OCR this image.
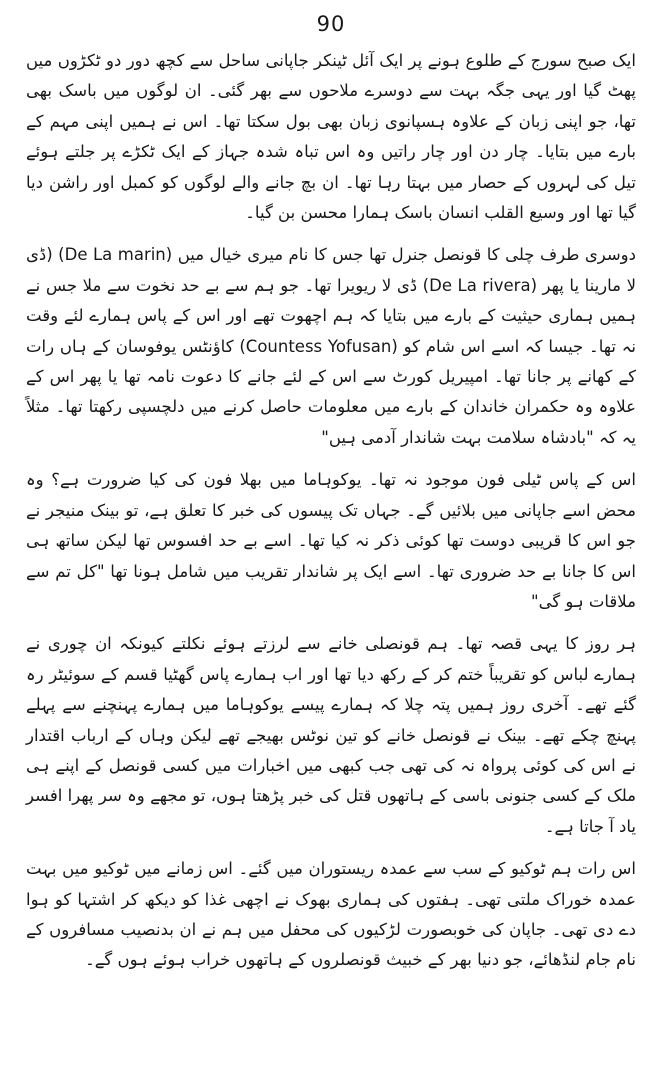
90

ایک صبح سورج کے طلوع ہونے پر ایک آئل ٹینکر جاپانی ساحل سے کچھ دور دو ٹکڑوں میں پھٹ گیا اور یہی جگہ بہت سے دوسرے ملاحوں سے بھر گئی۔ ان لوگوں میں باسک بھی تھا، جو اپنی زبان کے علاوہ ہسپانوی زبان بھی بول سکتا تھا۔ اس نے ہمیں اپنی مہم کے بارے میں بتایا۔ چار دن اور چار راتیں وہ اس تباہ شدہ جہاز کے ایک ٹکڑے پر جلتے ہوئے تیل کی لہروں کے حصار میں بہتا رہا تھا۔ ان بچ جانے والے لوگوں کو کمبل اور راشن دیا گیا تھا اور وسیع القلب انسان باسک ہمارا محسن بن گیا۔

دوسری طرف چلی کا قونصل جنرل تھا جس کا نام میری خیال میں (De La marin) (ڈی لا مارینا یا پھر (De La rivera) ڈی لا ریویرا تھا۔ جو ہم سے بے حد نخوت سے ملا جس نے ہمیں ہماری حیثیت کے بارے میں بتایا کہ ہم اچھوت تھے اور اس کے پاس ہمارے لئے وقت نہ تھا۔ جیسا کہ اسے اس شام کو (Countess Yofusan) کاؤنٹس یوفوسان کے ہاں رات کے کھانے پر جانا تھا۔ امپیریل کورٹ سے اس کے لئے جانے کا دعوت نامہ تھا یا پھر اس کے علاوہ وہ حکمران خاندان کے بارے میں معلومات حاصل کرنے میں دلچسپی رکھتا تھا۔ مثلاً یہ کہ "بادشاہ سلامت بہت شاندار آدمی ہیں"

اس کے پاس ٹیلی فون موجود نہ تھا۔ یوکوہاما میں بھلا فون کی کیا ضرورت ہے؟ وہ محض اسے جاپانی میں بلائیں گے۔ جہاں تک پیسوں کی خبر کا تعلق ہے، تو بینک منیجر نے جو اس کا قریبی دوست تھا کوئی ذکر نہ کیا تھا۔ اسے بے حد افسوس تھا لیکن ساتھ ہی اس کا جانا بے حد ضروری تھا۔ اسے ایک پر شاندار تقریب میں شامل ہونا تھا "کل تم سے ملاقات ہو گی"

ہر روز کا یہی قصہ تھا۔ ہم قونصلی خانے سے لرزتے ہوئے نکلتے کیونکہ ان چوری نے ہمارے لباس کو تقریباً ختم کر کے رکھ دیا تھا اور اب ہمارے پاس گھٹیا قسم کے سوئیٹر رہ گئے تھے۔ آخری روز ہمیں پتہ چلا کہ ہمارے پیسے یوکوہاما میں ہمارے پہنچنے سے پہلے پہنچ چکے تھے۔ بینک نے قونصل خانے کو تین نوٹس بھیجے تھے لیکن وہاں کے ارباب اقتدار نے اس کی کوئی پرواہ نہ کی تھی جب کبھی میں اخبارات میں کسی قونصل کے اپنے ہی ملک کے کسی جنونی باسی کے ہاتھوں قتل کی خبر پڑھتا ہوں، تو مجھے وہ سر پھرا افسر یاد آ جاتا ہے۔

اس رات ہم ٹوکیو کے سب سے عمدہ ریستوران میں گئے۔ اس زمانے میں ٹوکیو میں بہت عمدہ خوراک ملتی تھی۔ ہفتوں کی ہماری بھوک نے اچھی غذا کو دیکھ کر اشتہا کو ہوا دے دی تھی۔ جاپان کی خوبصورت لڑکیوں کی محفل میں ہم نے ان بدنصیب مسافروں کے نام جام لنڈھائے، جو دنیا بھر کے خبیث قونصلروں کے ہاتھوں خراب ہوئے ہوں گے۔
